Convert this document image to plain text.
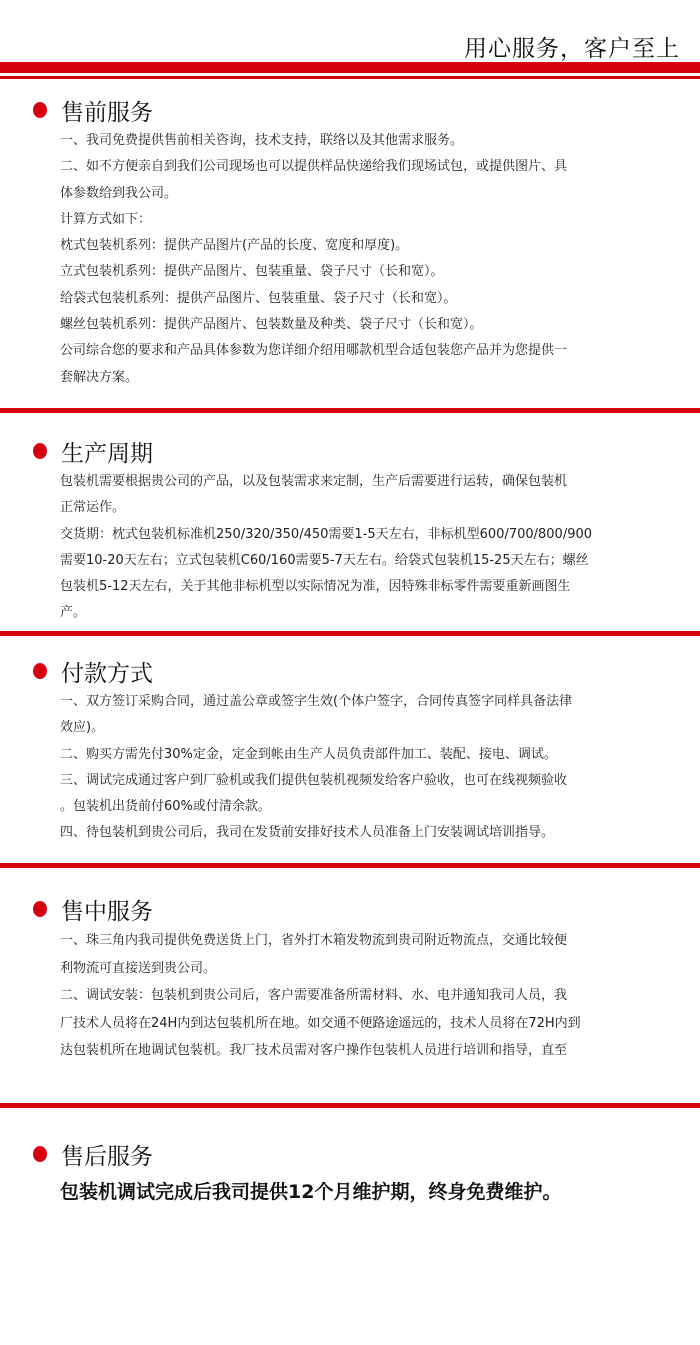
用心服务，客户至上
售前服务
一、我司免费提供售前相关咨询，技术支持，联络以及其他需求服务。
二、如不方便亲自到我们公司现场也可以提供样品快递给我们现场试包，或提供图片、具
体参数给到我公司。
计算方式如下：
枕式包装机系列：提供产品图片(产品的长度、宽度和厚度)。
立式包装机系列：提供产品图片、包装重量、袋子尺寸（长和宽）。
给袋式包装机系列：提供产品图片、包装重量、袋子尺寸（长和宽）。
螺丝包装机系列：提供产品图片、包装数量及种类、袋子尺寸（长和宽）。
公司综合您的要求和产品具体参数为您详细介绍用哪款机型合适包装您产品并为您提供一
套解决方案。
生产周期
包装机需要根据贵公司的产品，以及包装需求来定制，生产后需要进行运转，确保包装机
正常运作。
交货期：枕式包装机标准机250/320/350/450需要1-5天左右，非标机型600/700/800/900
需要10-20天左右；立式包装机C60/160需要5-7天左右。给袋式包装机15-25天左右；螺丝
包装机5-12天左右，关于其他非标机型以实际情况为准，因特殊非标零件需要重新画图生
产。
付款方式
一、双方签订采购合同，通过盖公章或签字生效(个体户签字，合同传真签字同样具备法律
效应)。
二、购买方需先付30%定金，定金到帐由生产人员负责部件加工、装配、接电、调试。
三、调试完成通过客户到厂验机或我们提供包装机视频发给客户验收，也可在线视频验收
。包装机出货前付60%或付清余款。
四、待包装机到贵公司后，我司在发货前安排好技术人员准备上门安装调试培训指导。
售中服务
一、珠三角内我司提供免费送货上门，省外打木箱发物流到贵司附近物流点，交通比较便
利物流可直接送到贵公司。
二、调试安装：包装机到贵公司后，客户需要准备所需材料、水、电并通知我司人员，我
厂技术人员将在24H内到达包装机所在地。如交通不便路途遥远的，技术人员将在72H内到
达包装机所在地调试包装机。我厂技术员需对客户操作包装机人员进行培训和指导，直至
售后服务
包装机调试完成后我司提供12个月维护期，终身免费维护。
